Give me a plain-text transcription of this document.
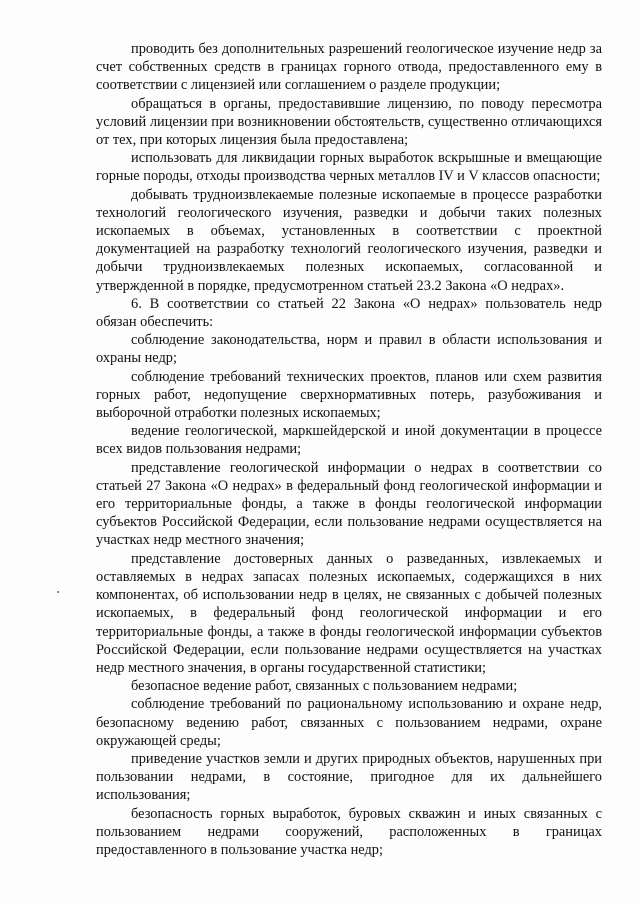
проводить без дополнительных разрешений геологическое изучение недр за счет собственных средств в границах горного отвода, предоставленного ему в соответствии с лицензией или соглашением о разделе продукции;

обращаться в органы, предоставившие лицензию, по поводу пересмотра условий лицензии при возникновении обстоятельств, существенно отличающихся от тех, при которых лицензия была предоставлена;

использовать для ликвидации горных выработок вскрышные и вмещающие горные породы, отходы производства черных металлов IV и V классов опасности;

добывать трудноизвлекаемые полезные ископаемые в процессе разработки технологий геологического изучения, разведки и добычи таких полезных ископаемых в объемах, установленных в соответствии с проектной документацией на разработку технологий геологического изучения, разведки и добычи трудноизвлекаемых полезных ископаемых, согласованной и утвержденной в порядке, предусмотренном статьей 23.2 Закона «О недрах».

6. В соответствии со статьей 22 Закона «О недрах» пользователь недр обязан обеспечить:

соблюдение законодательства, норм и правил в области использования и охраны недр;

соблюдение требований технических проектов, планов или схем развития горных работ, недопущение сверхнормативных потерь, разубоживания и выборочной отработки полезных ископаемых;

ведение геологической, маркшейдерской и иной документации в процессе всех видов пользования недрами;

представление геологической информации о недрах в соответствии со статьей 27 Закона «О недрах» в федеральный фонд геологической информации и его территориальные фонды, а также в фонды геологической информации субъектов Российской Федерации, если пользование недрами осуществляется на участках недр местного значения;

представление достоверных данных о разведанных, извлекаемых и оставляемых в недрах запасах полезных ископаемых, содержащихся в них компонентах, об использовании недр в целях, не связанных с добычей полезных ископаемых, в федеральный фонд геологической информации и его территориальные фонды, а также в фонды геологической информации субъектов Российской Федерации, если пользование недрами осуществляется на участках недр местного значения, в органы государственной статистики;

безопасное ведение работ, связанных с пользованием недрами;

соблюдение требований по рациональному использованию и охране недр, безопасному ведению работ, связанных с пользованием недрами, охране окружающей среды;

приведение участков земли и других природных объектов, нарушенных при пользовании недрами, в состояние, пригодное для их дальнейшего использования;

безопасность горных выработок, буровых скважин и иных связанных с пользованием недрами сооружений, расположенных в границах предоставленного в пользование участка недр;
